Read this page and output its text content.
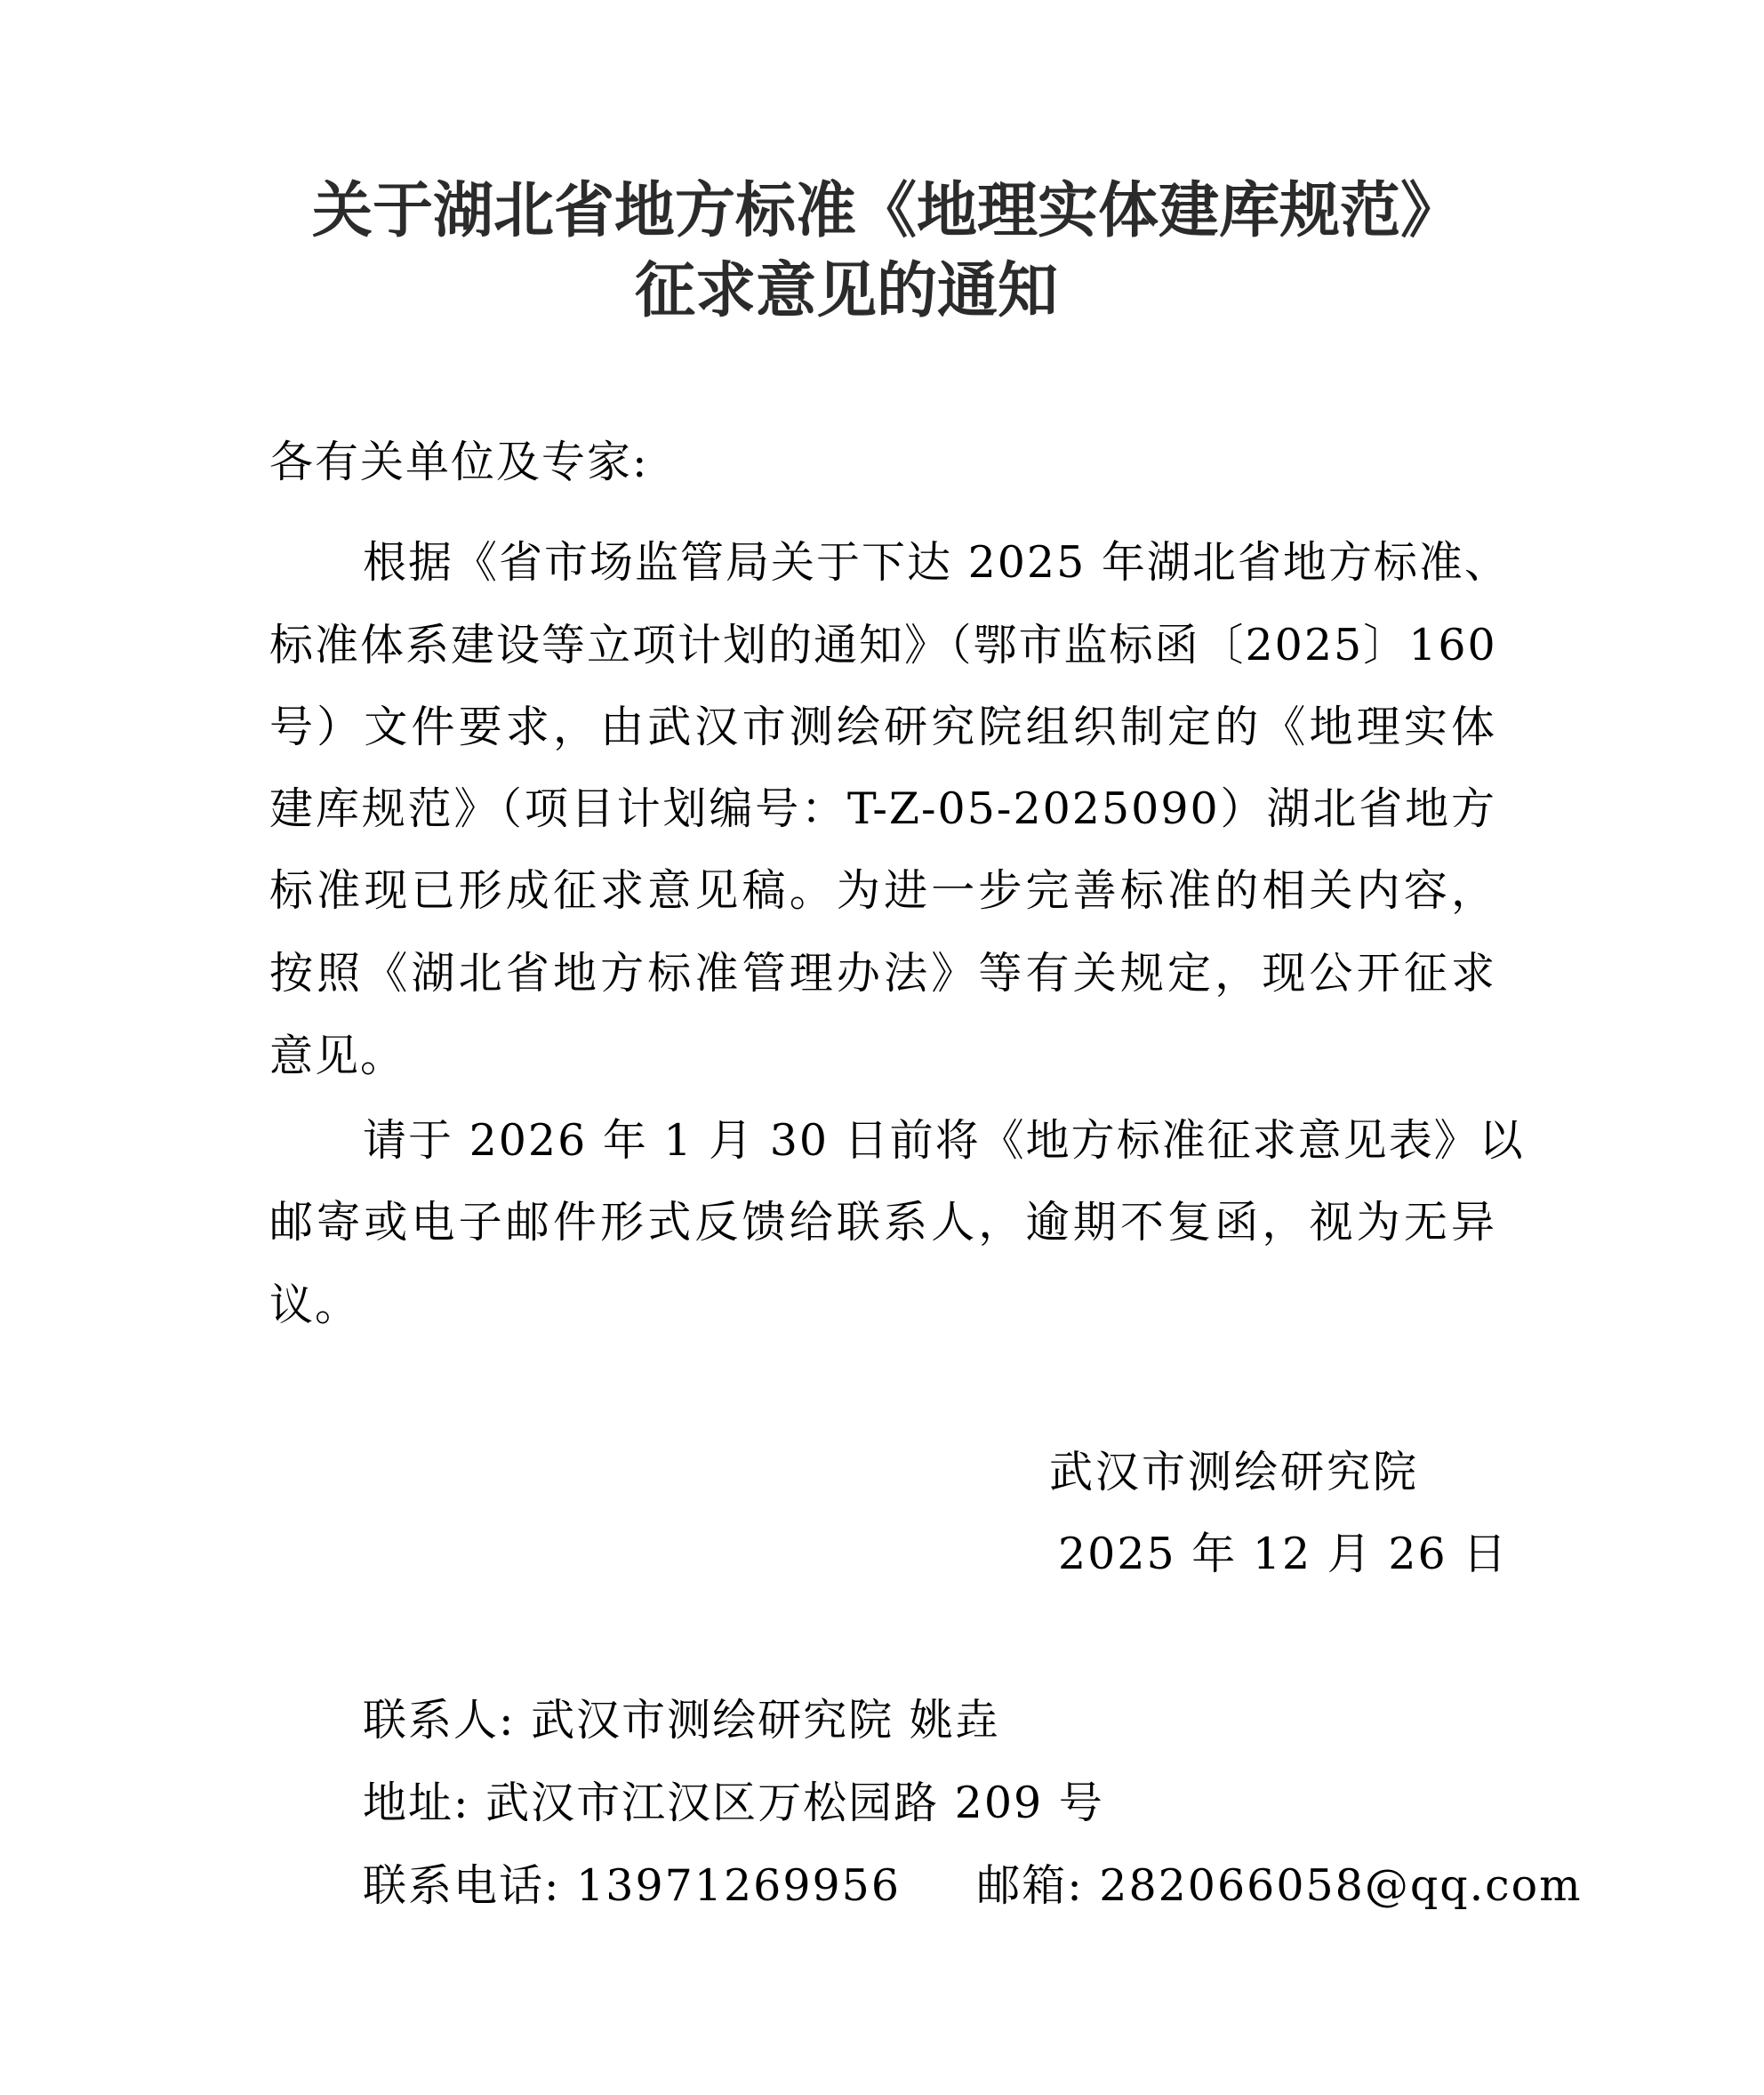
关于湖北省地方标准《地理实体建库规范》
征求意见的通知
各有关单位及专家:
根据《省市场监管局关于下达 2025 年湖北省地方标准、
标准体系建设等立项计划的通知》（鄂市监标函〔2025〕160
号）文件要求，由武汉市测绘研究院组织制定的《地理实体
建库规范》（项目计划编号：T-Z-05-2025090）湖北省地方
标准现已形成征求意见稿。为进一步完善标准的相关内容，
按照《湖北省地方标准管理办法》等有关规定，现公开征求
意见。
请于 2026 年 1 月 30 日前将《地方标准征求意见表》以
邮寄或电子邮件形式反馈给联系人，逾期不复函，视为无异
议。
武汉市测绘研究院
2025 年 12 月 26 日
联系人: 武汉市测绘研究院 姚垚
地址: 武汉市江汉区万松园路 209 号
联系电话: 13971269956 邮箱: 282066058@qq.com
